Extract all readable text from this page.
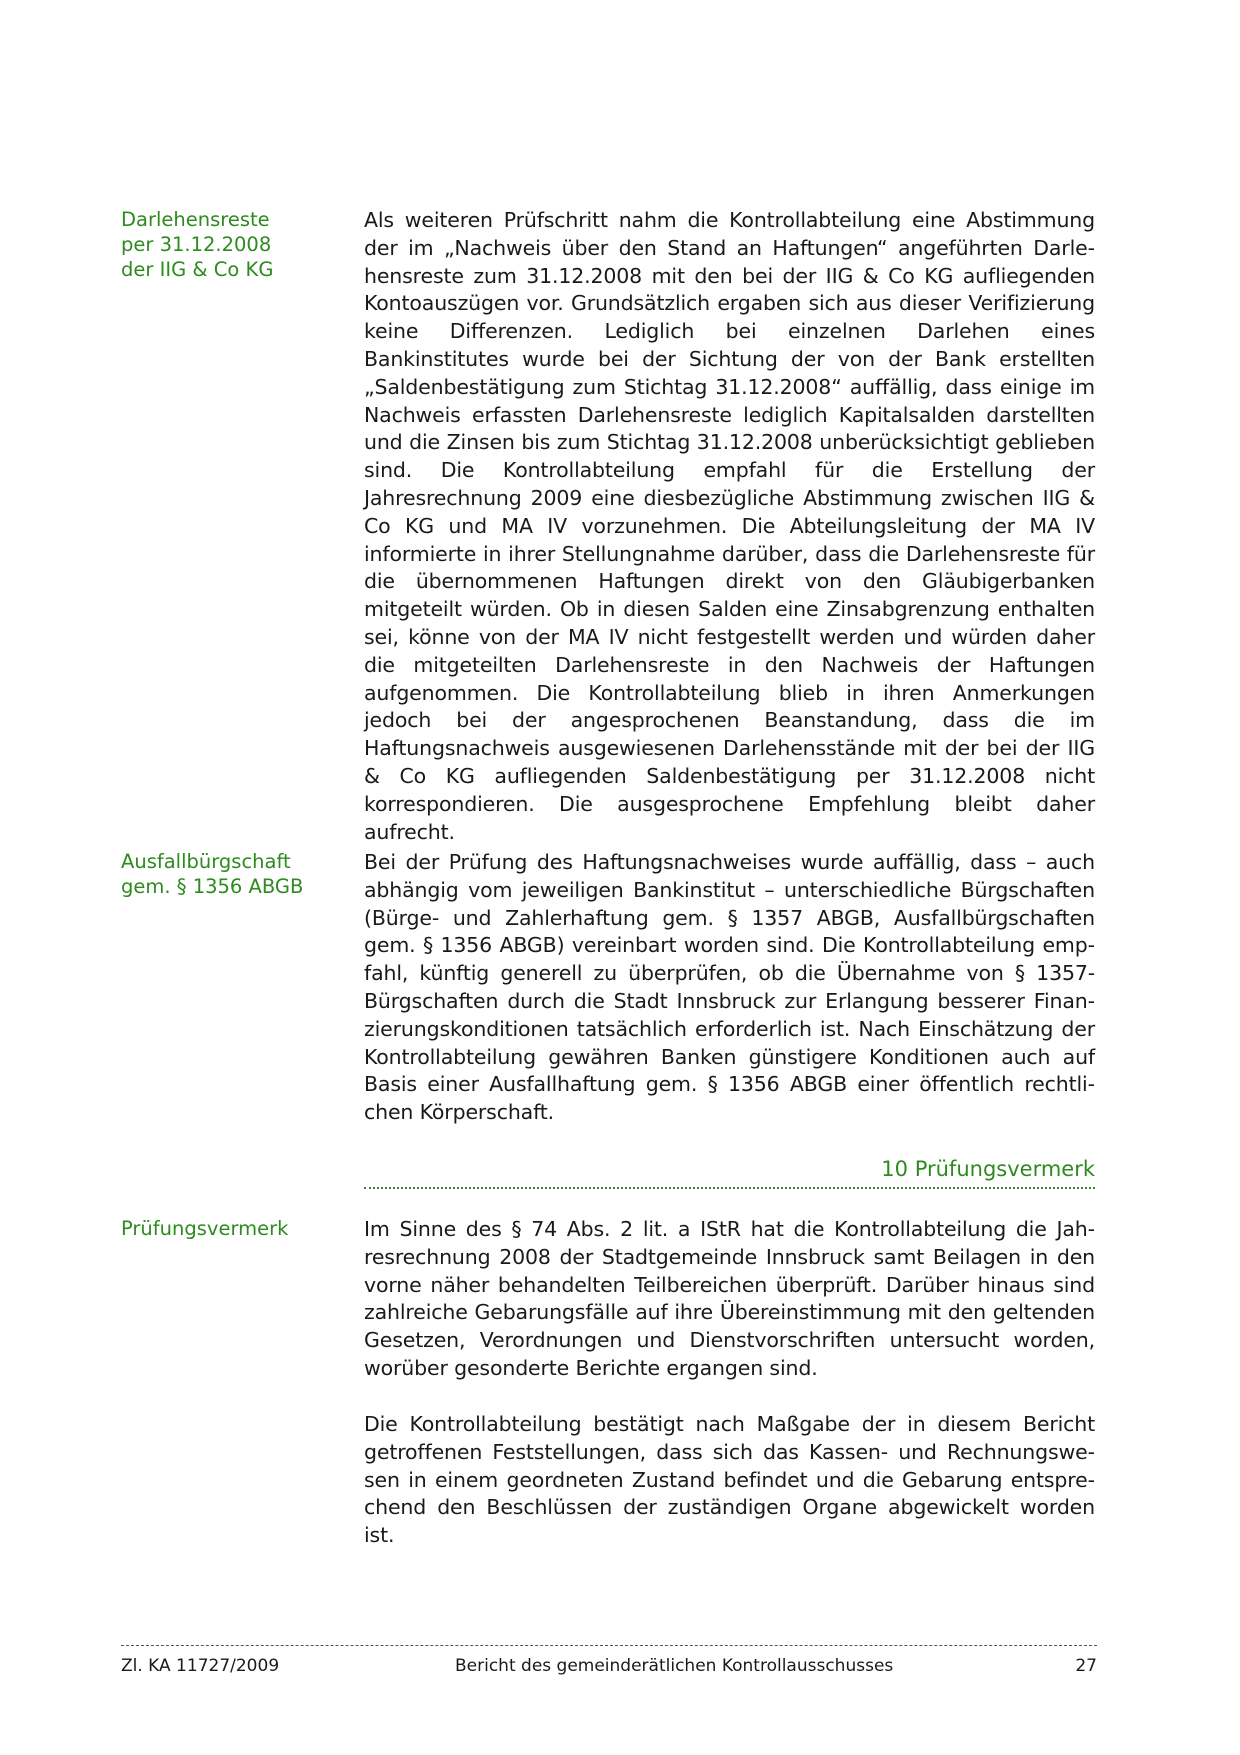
Darlehensreste
per 31.12.2008
der IIG & Co KG
Als weiteren Prüfschritt nahm die Kontrollabteilung eine Abstimmung der im „Nachweis über den Stand an Haftungen“ angeführten Darlehensreste zum 31.12.2008 mit den bei der IIG & Co KG aufliegenden Kontoauszügen vor. Grundsätzlich ergaben sich aus dieser Verifizierung keine Differenzen. Lediglich bei einzelnen Darlehen eines Bankinstitutes wurde bei der Sichtung der von der Bank erstellten „Saldenbestätigung zum Stichtag 31.12.2008“ auffällig, dass einige im Nachweis erfassten Darlehensreste lediglich Kapitalsalden darstellten und die Zinsen bis zum Stichtag 31.12.2008 unberücksichtigt geblieben sind. Die Kontrollabteilung empfahl für die Erstellung der Jahresrechnung 2009 eine diesbezügliche Abstimmung zwischen IIG & Co KG und MA IV vorzunehmen. Die Abteilungsleitung der MA IV informierte in ihrer Stellungnahme darüber, dass die Darlehensreste für die übernommenen Haftungen direkt von den Gläubigerbanken mitgeteilt würden. Ob in diesen Salden eine Zinsabgrenzung enthalten sei, könne von der MA IV nicht festgestellt werden und würden daher die mitgeteilten Darlehensreste in den Nachweis der Haftungen aufgenommen. Die Kontrollabteilung blieb in ihren Anmerkungen jedoch bei der angesprochenen Beanstandung, dass die im Haftungsnachweis ausgewiesenen Darlehensstände mit der bei der IIG & Co KG aufliegenden Saldenbestätigung per 31.12.2008 nicht korrespondieren. Die ausgesprochene Empfehlung bleibt daher aufrecht.
Ausfallbürgschaft
gem. § 1356 ABGB
Bei der Prüfung des Haftungsnachweises wurde auffällig, dass – auch abhängig vom jeweiligen Bankinstitut – unterschiedliche Bürgschaften (Bürge- und Zahlerhaftung gem. § 1357 ABGB, Ausfallbürgschaften gem. § 1356 ABGB) vereinbart worden sind. Die Kontrollabteilung empfahl, künftig generell zu überprüfen, ob die Übernahme von § 1357-Bürgschaften durch die Stadt Innsbruck zur Erlangung besserer Finanzierungskonditionen tatsächlich erforderlich ist. Nach Einschätzung der Kontrollabteilung gewähren Banken günstigere Konditionen auch auf Basis einer Ausfallhaftung gem. § 1356 ABGB einer öffentlich rechtlichen Körperschaft.
10 Prüfungsvermerk
Prüfungsvermerk	Im Sinne des § 74 Abs. 2 lit. a IStR hat die Kontrollabteilung die Jahresrechnung 2008 der Stadtgemeinde Innsbruck samt Beilagen in den vorne näher behandelten Teilbereichen überprüft. Darüber hinaus sind zahlreiche Gebarungsfälle auf ihre Übereinstimmung mit den geltenden Gesetzen, Verordnungen und Dienstvorschriften untersucht worden, worüber gesonderte Berichte ergangen sind.
Die Kontrollabteilung bestätigt nach Maßgabe der in diesem Bericht getroffenen Feststellungen, dass sich das Kassen- und Rechnungswesen in einem geordneten Zustand befindet und die Gebarung entsprechend den Beschlüssen der zuständigen Organe abgewickelt worden ist.
Zl. KA 11727/2009	Bericht des gemeinderätlichen Kontrollausschusses	27
